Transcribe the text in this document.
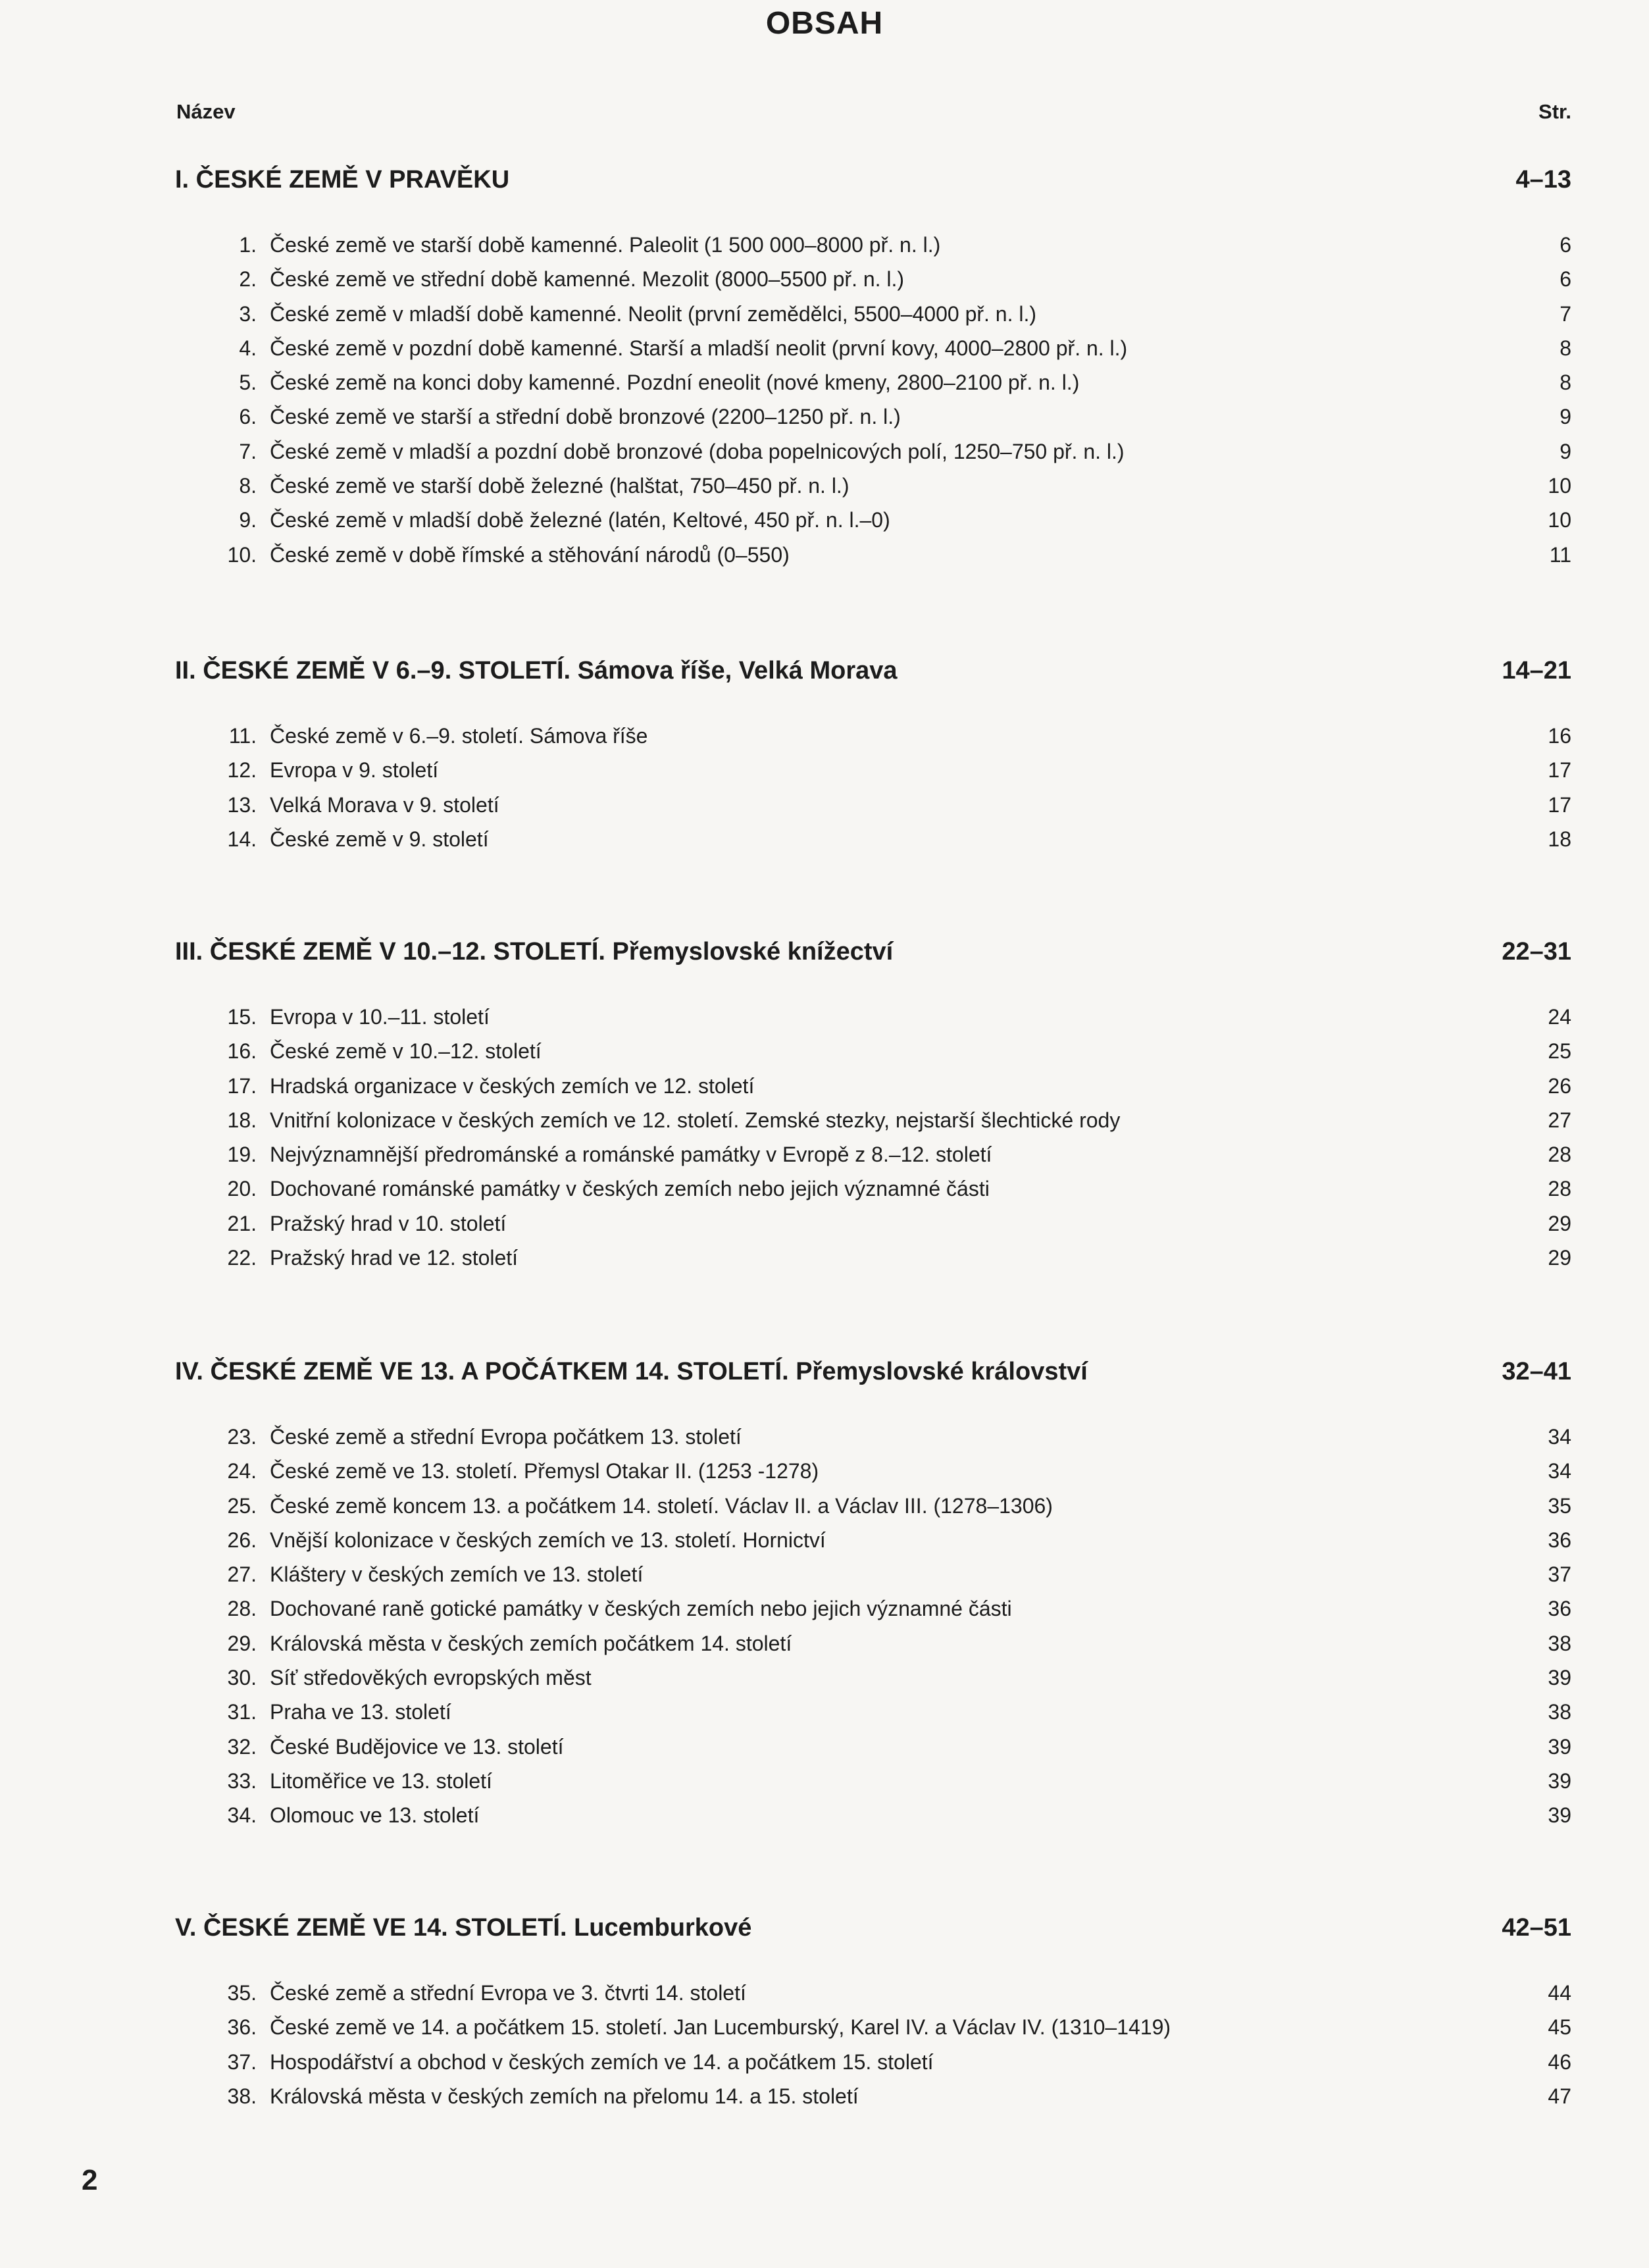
OBSAH
Název	Str.
I. ČESKÉ ZEMĚ V PRAVĚKU	4–13
1. České země ve starší době kamenné. Paleolit (1 500 000–8000 př. n. l.)	6
2. České země ve střední době kamenné. Mezolit (8000–5500 př. n. l.)	6
3. České země v mladší době kamenné. Neolit (první zemědělci, 5500–4000 př. n. l.)	7
4. České země v pozdní době kamenné. Starší a mladší neolit (první kovy, 4000–2800 př. n. l.)	8
5. České země na konci doby kamenné. Pozdní eneolit (nové kmeny, 2800–2100 př. n. l.)	8
6. České země ve starší a střední době bronzové (2200–1250 př. n. l.)	9
7. České země v mladší a pozdní době bronzové (doba popelnicových polí, 1250–750 př. n. l.)	9
8. České země ve starší době železné (halštat, 750–450 př. n. l.)	10
9. České země v mladší době železné (latén, Keltové, 450 př. n. l.–0)	10
10. České země v době římské a stěhování národů (0–550)	11
II. ČESKÉ ZEMĚ V 6.–9. STOLETÍ. Sámova říše, Velká Morava	14–21
11. České země v 6.–9. století. Sámova říše	16
12. Evropa v 9. století	17
13. Velká Morava v 9. století	17
14. České země v 9. století	18
III. ČESKÉ ZEMĚ V 10.–12. STOLETÍ. Přemyslovské knížectví	22–31
15. Evropa v 10.–11. století	24
16. České země v 10.–12. století	25
17. Hradská organizace v českých zemích ve 12. století	26
18. Vnitřní kolonizace v českých zemích ve 12. století. Zemské stezky, nejstarší šlechtické rody	27
19. Nejvýznamnější předrománské a románské památky v Evropě z 8.–12. století	28
20. Dochované románské památky v českých zemích nebo jejich významné části	28
21. Pražský hrad v 10. století	29
22. Pražský hrad ve 12. století	29
IV. ČESKÉ ZEMĚ VE 13. A POČÁTKEM 14. STOLETÍ. Přemyslovské království	32–41
23. České země a střední Evropa počátkem 13. století	34
24. České země ve 13. století. Přemysl Otakar II. (1253 -1278)	34
25. České země koncem 13. a počátkem 14. století. Václav II. a Václav III. (1278–1306)	35
26. Vnější kolonizace v českých zemích ve 13. století. Hornictví	36
27. Kláštery v českých zemích ve 13. století	37
28. Dochované raně gotické památky v českých zemích nebo jejich významné části	36
29. Královská města v českých zemích počátkem 14. století	38
30. Síť středověkých evropských měst	39
31. Praha ve 13. století	38
32. České Budějovice ve 13. století	39
33. Litoměřice ve 13. století	39
34. Olomouc ve 13. století	39
V. ČESKÉ ZEMĚ VE 14. STOLETÍ. Lucemburkové	42–51
35. České země a střední Evropa ve 3. čtvrti 14. století	44
36. České země ve 14. a počátkem 15. století. Jan Lucemburský, Karel IV. a Václav IV. (1310–1419)	45
37. Hospodářství a obchod v českých zemích ve 14. a počátkem 15. století	46
38. Královská města v českých zemích na přelomu 14. a 15. století	47
2
